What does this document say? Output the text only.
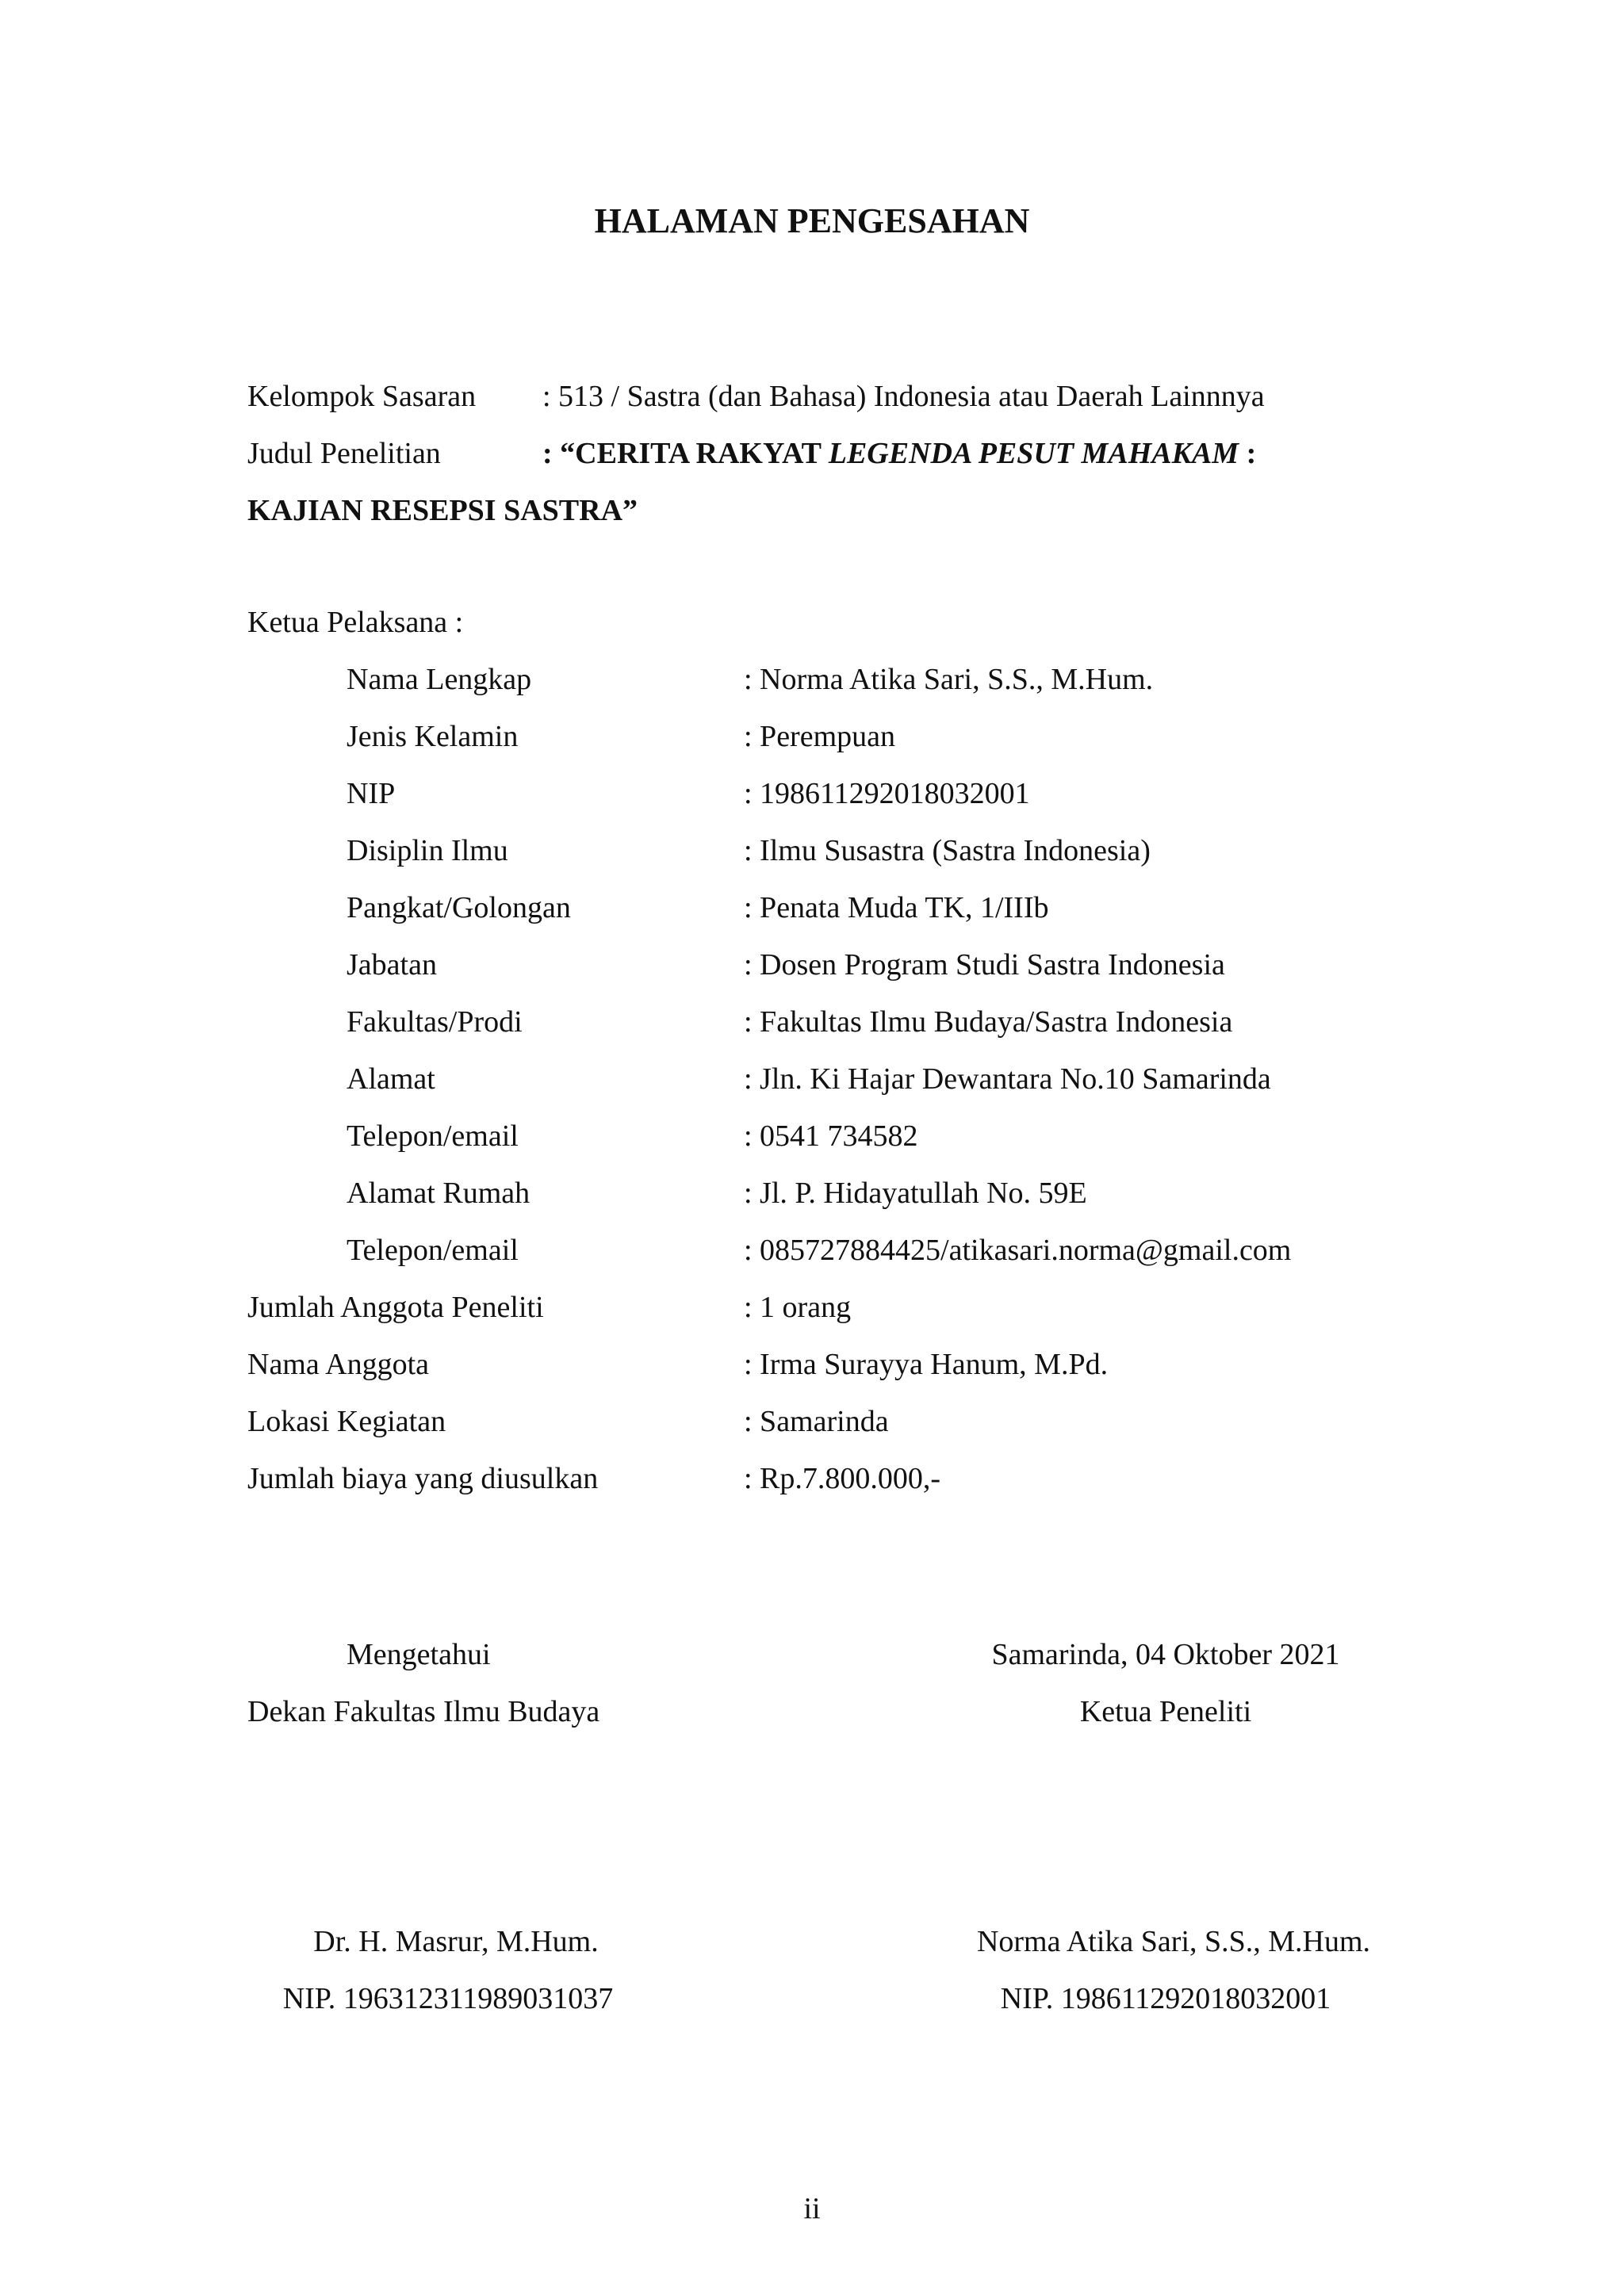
HALAMAN PENGESAHAN
Kelompok Sasaran : 513 / Sastra (dan Bahasa) Indonesia atau Daerah Lainnnya
Judul Penelitian	: “CERITA RAKYAT LEGENDA PESUT MAHAKAM :
KAJIAN RESEPSI SASTRA”
Ketua Pelaksana :
Nama Lengkap	: Norma Atika Sari, S.S., M.Hum.
Jenis Kelamin	: Perempuan
NIP	: 198611292018032001
Disiplin Ilmu	: Ilmu Susastra (Sastra Indonesia)
Pangkat/Golongan	: Penata Muda TK, 1/IIIb
Jabatan	: Dosen Program Studi Sastra Indonesia
Fakultas/Prodi	: Fakultas Ilmu Budaya/Sastra Indonesia
Alamat	: Jln. Ki Hajar Dewantara No.10 Samarinda
Telepon/email	: 0541 734582
Alamat Rumah	: Jl. P. Hidayatullah No. 59E
Telepon/email	: 085727884425/atikasari.norma@gmail.com
Jumlah Anggota Peneliti	: 1 orang
Nama Anggota	: Irma Surayya Hanum, M.Pd.
Lokasi Kegiatan	: Samarinda
Jumlah biaya yang diusulkan	: Rp.7.800.000,-
Mengetahui
Dekan Fakultas Ilmu Budaya
Dr. H. Masrur, M.Hum.
NIP. 196312311989031037
Samarinda, 04 Oktober 2021
Ketua Peneliti
Norma Atika Sari, S.S., M.Hum.
NIP. 198611292018032001
ii
